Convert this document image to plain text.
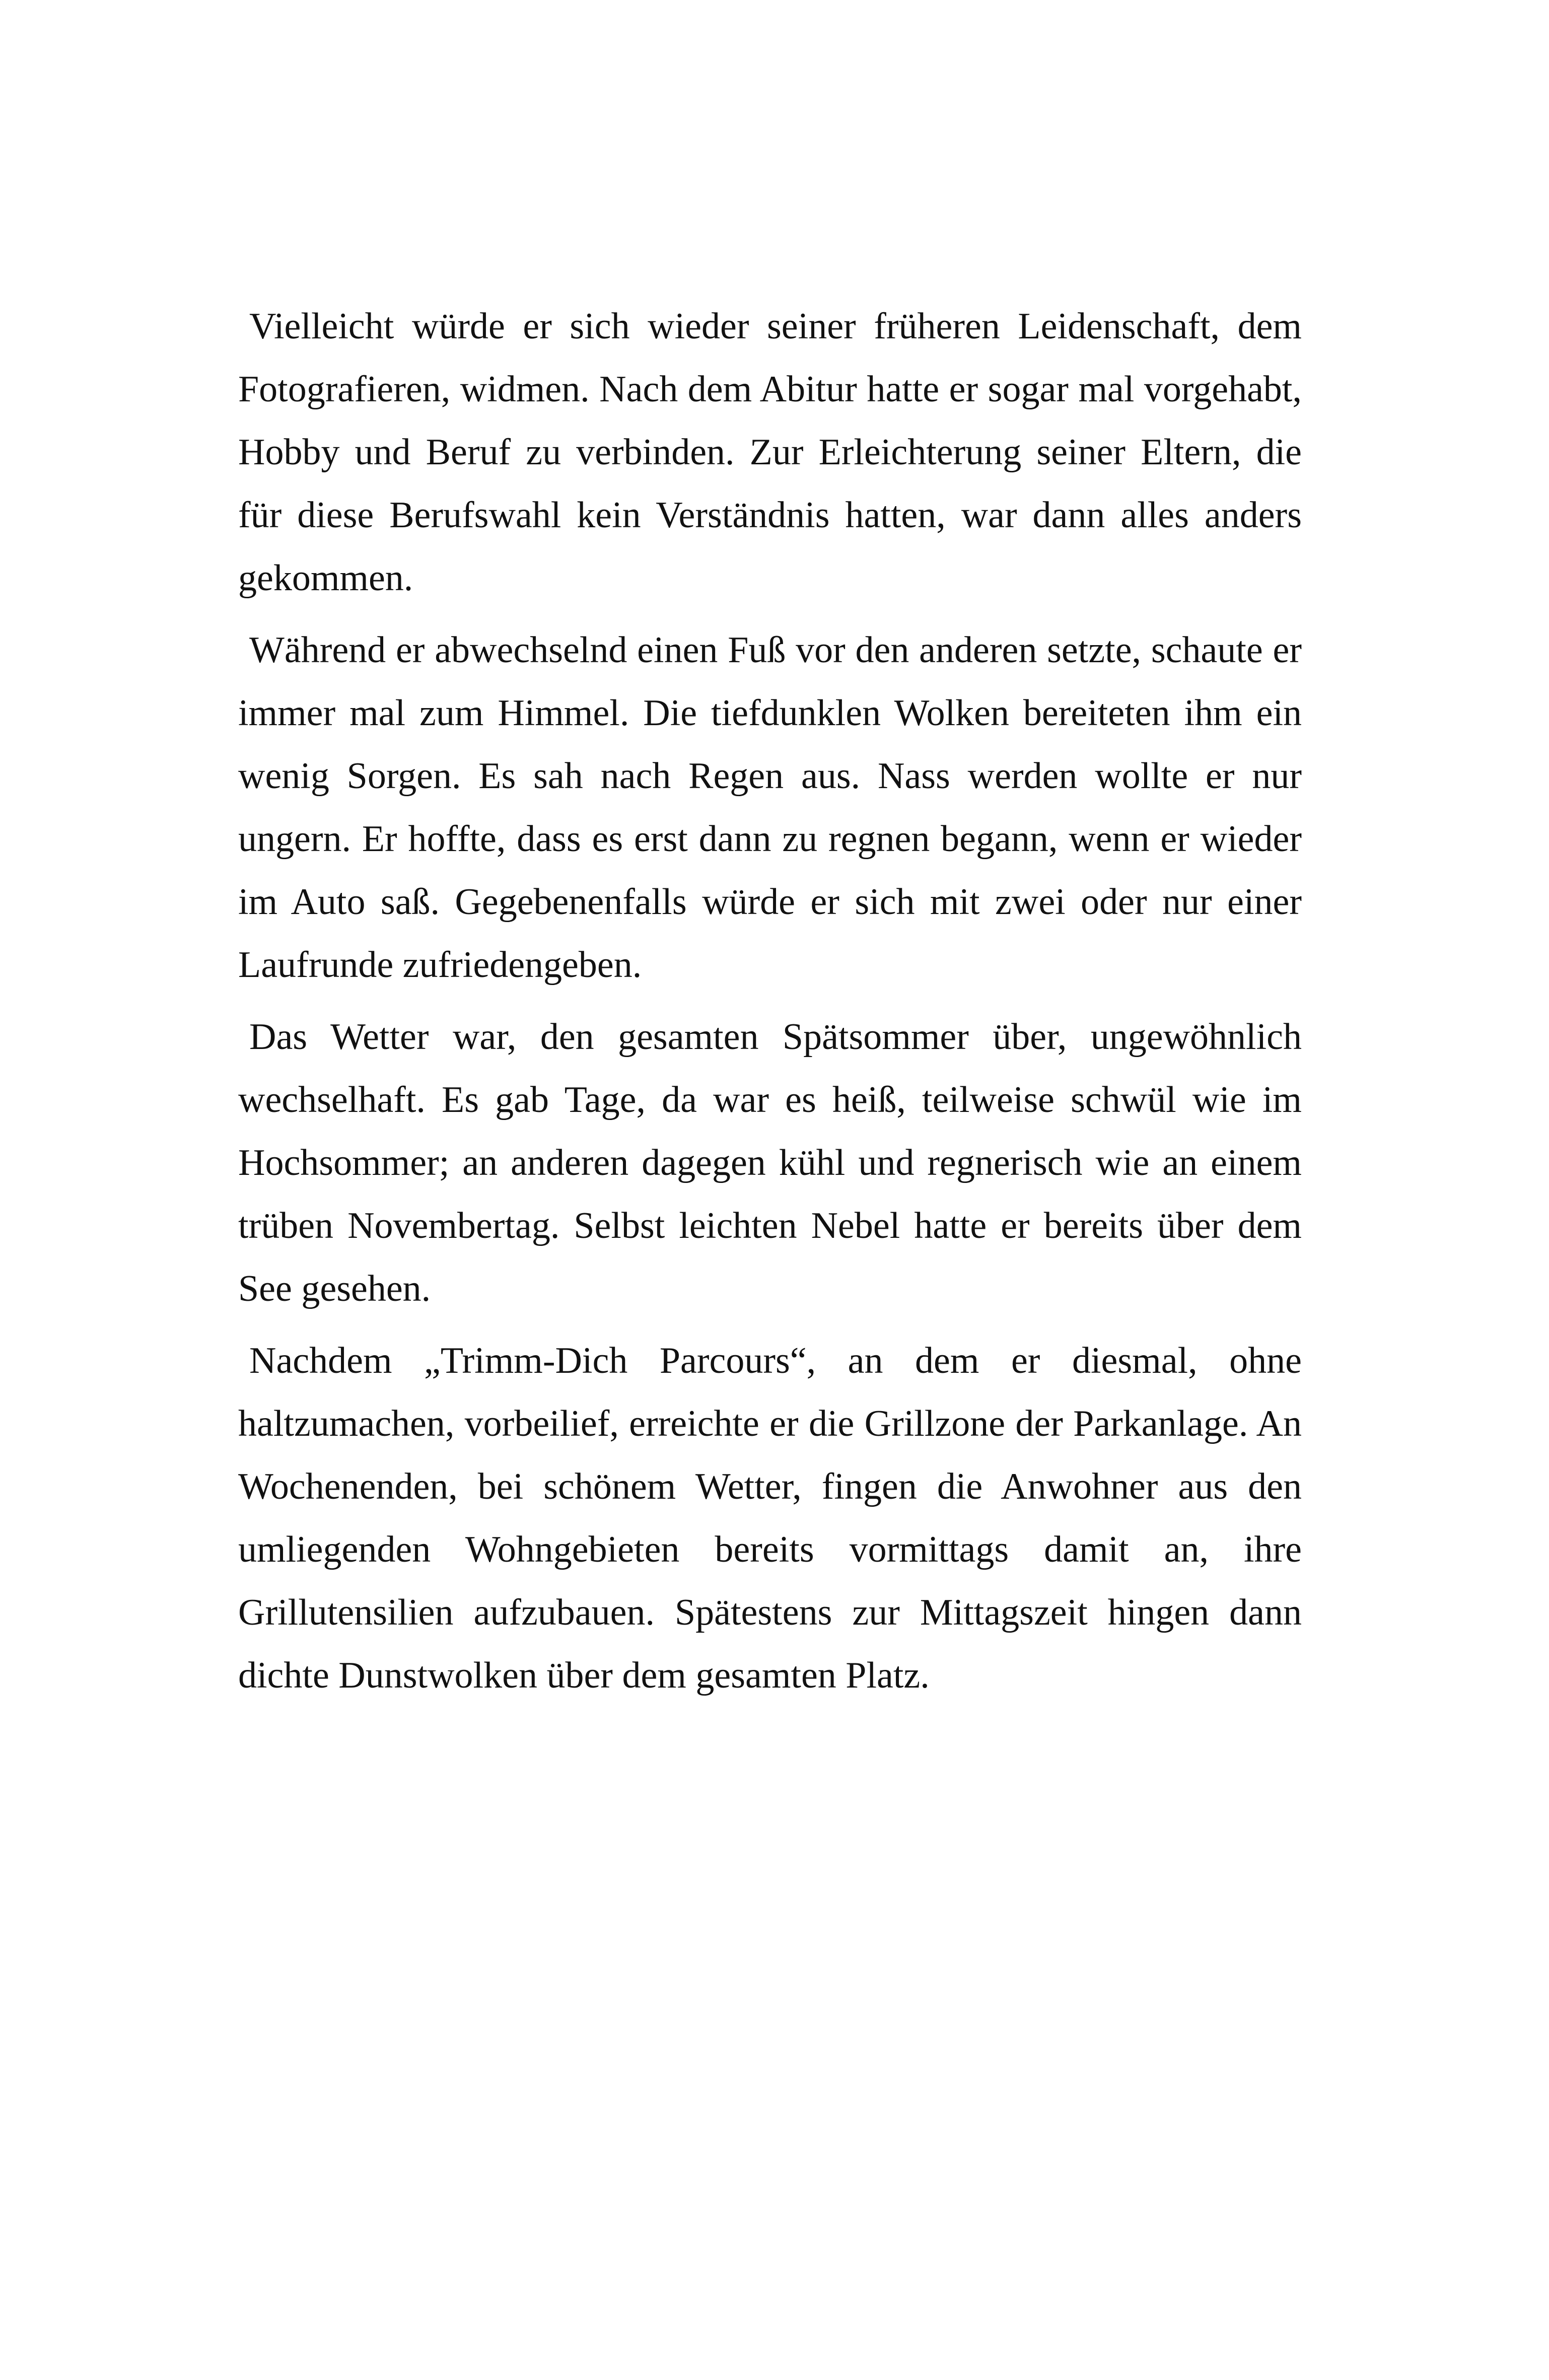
Vielleicht würde er sich wieder seiner früheren Leidenschaft, dem Fotografieren, widmen. Nach dem Abitur hatte er sogar mal vorgehabt, Hobby und Beruf zu verbinden. Zur Erleichterung seiner Eltern, die für diese Berufswahl kein Verständnis hatten, war dann alles anders gekommen.

Während er abwechselnd einen Fuß vor den anderen setzte, schaute er immer mal zum Himmel. Die tiefdunklen Wolken bereiteten ihm ein wenig Sorgen. Es sah nach Regen aus. Nass werden wollte er nur ungern. Er hoffte, dass es erst dann zu regnen begann, wenn er wieder im Auto saß. Gegebenenfalls würde er sich mit zwei oder nur einer Laufrunde zufriedengeben.

Das Wetter war, den gesamten Spätsommer über, ungewöhnlich wechselhaft. Es gab Tage, da war es heiß, teilweise schwül wie im Hochsommer; an anderen dagegen kühl und regnerisch wie an einem trüben Novembertag. Selbst leichten Nebel hatte er bereits über dem See gesehen.

Nachdem „Trimm-Dich Parcours“, an dem er diesmal, ohne haltzumachen, vorbeilief, erreichte er die Grillzone der Parkanlage. An Wochenenden, bei schönem Wetter, fingen die Anwohner aus den umliegenden Wohngebieten bereits vormittags damit an, ihre Grillutensilien aufzubauen. Spätestens zur Mittagszeit hingen dann dichte Dunstwolken über dem gesamten Platz.
